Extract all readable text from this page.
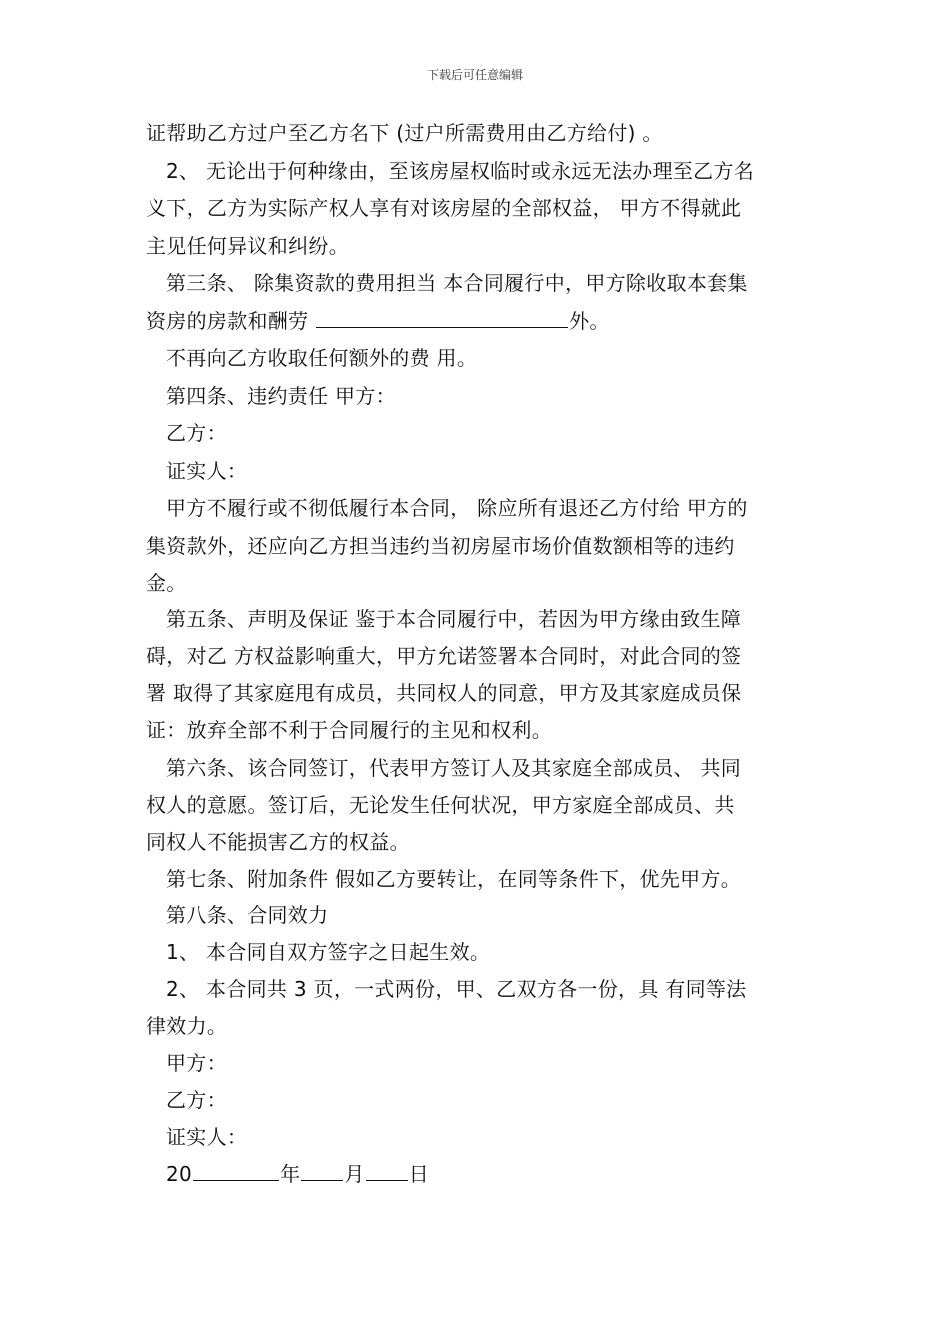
下载后可任意编辑
证帮助乙方过户至乙方名下 (过户所需费用由乙方给付) 。
2、 无论出于何种缘由，至该房屋权临时或永远无法办理至乙方名
义下，乙方为实际产权人享有对该房屋的全部权益， 甲方不得就此
主见任何异议和纠纷。
第三条、 除集资款的费用担当 本合同履行中，甲方除收取本套集
资房的房款和酬劳	外。
不再向乙方收取任何额外的费 用。
第四条、违约责任 甲方：
乙方：
证实人：
甲方不履行或不彻低履行本合同， 除应所有退还乙方付给 甲方的
集资款外，还应向乙方担当违约当初房屋市场价值数额相等的违约
金。
第五条、声明及保证 鉴于本合同履行中，若因为甲方缘由致生障
碍，对乙 方权益影响重大，甲方允诺签署本合同时，对此合同的签
署 取得了其家庭甩有成员，共同权人的同意，甲方及其家庭成员保
证：放弃全部不利于合同履行的主见和权利。
第六条、该合同签订，代表甲方签订人及其家庭全部成员、 共同
权人的意愿。签订后，无论发生任何状况，甲方家庭全部成员、共
同权人不能损害乙方的权益。
第七条、附加条件 假如乙方要转让，在同等条件下，优先甲方。
第八条、合同效力
1、 本合同自双方签字之日起生效。
2、 本合同共 3 页，一式两份，甲、乙双方各一份，具 有同等法
律效力。
甲方：
乙方：
证实人：
20	年 月 日
